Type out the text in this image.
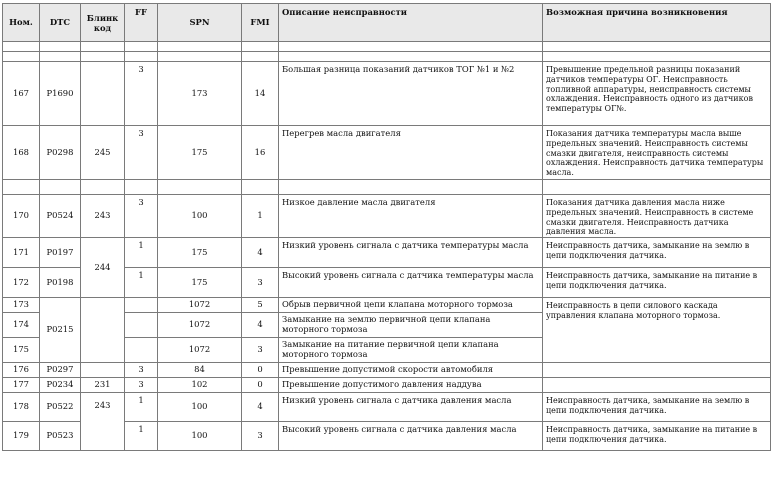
Ном.	DTC	Блинк
код	FF	SPN	FMI	Описание неисправности	Возможная причина возникновения

167	P1690		3	173	14	Большая разница показаний датчиков ТОГ №1 и №2	Превышение предельной разницы показаний датчиков температуры ОГ. Неисправность топливной аппаратуры, неисправность системы охлаждения. Неисправность одного из датчиков температуры ОГ№.
168	P0298	245	3	175	16	Перегрев масла двигателя	Показания датчика температуры масла выше предельных значений. Неисправность системы смазки двигателя, неисправность системы охлаждения. Неисправность датчика температуры масла.

170	P0524	243	3	100	1	Низкое давление масла двигателя	Показания датчика давления масла ниже предельных значений. Неисправность в системе смазки двигателя. Неисправность датчика давления масла.
171	P0197	244	1	175	4	Низкий уровень сигнала с датчика температуры масла	Неисправность датчика, замыкание на землю в цепи подключения датчика.
172	P0198		1	175	3	Высокий уровень сигнала с датчика температуры масла	Неисправность датчика, замыкание на питание в цепи подключения датчика.
173	P0215			1072	5	Обрыв первичной цепи клапана моторного тормоза	Неисправность в цепи силового каскада управления клапана моторного тормоза.
174				1072	4	Замыкание на землю первичной цепи клапана моторного тормоза	
175				1072	3	Замыкание на питание первичной цепи клапана моторного тормоза	
176	P0297		3	84	0	Превышение допустимой скорости автомобиля	
177	P0234	231	3	102	0	Превышение допустимого давления наддува	
178	P0522	243	1	100	4	Низкий уровень сигнала с датчика давления масла	Неисправность датчика, замыкание на землю в цепи подключения датчика.
179	P0523		1	100	3	Высокий уровень сигнала с датчика давления масла	Неисправность датчика, замыкание на питание в цепи подключения датчика.
